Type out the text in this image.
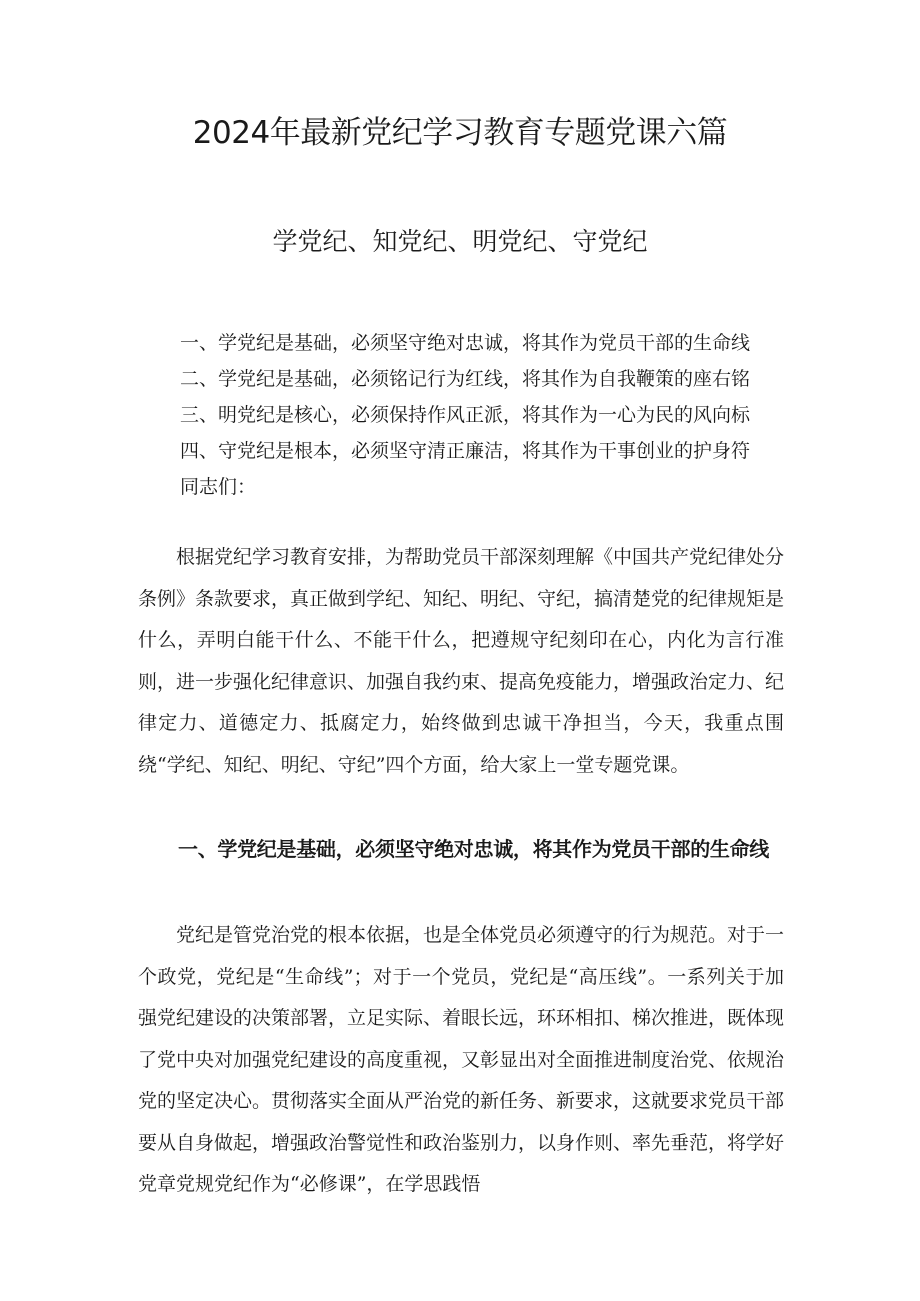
2024年最新党纪学习教育专题党课六篇
学党纪、知党纪、明党纪、守党纪
一、学党纪是基础，必须坚守绝对忠诚，将其作为党员干部的生命线
二、学党纪是基础，必须铭记行为红线，将其作为自我鞭策的座右铭
三、明党纪是核心，必须保持作风正派，将其作为一心为民的风向标
四、守党纪是根本，必须坚守清正廉洁，将其作为干事创业的护身符
同志们：

根据党纪学习教育安排，为帮助党员干部深刻理解《中国共产党纪律处分条例》条款要求，真正做到学纪、知纪、明纪、守纪，搞清楚党的纪律规矩是什么，弄明白能干什么、不能干什么，把遵规守纪刻印在心，内化为言行准则，进一步强化纪律意识、加强自我约束、提高免疫能力，增强政治定力、纪律定力、道德定力、抵腐定力，始终做到忠诚干净担当，今天，我重点围绕“学纪、知纪、明纪、守纪”四个方面，给大家上一堂专题党课。

一、学党纪是基础，必须坚守绝对忠诚，将其作为党员干部的生命线

党纪是管党治党的根本依据，也是全体党员必须遵守的行为规范。对于一个政党，党纪是“生命线”；对于一个党员，党纪是“高压线”。一系列关于加强党纪建设的决策部署，立足实际、着眼长远，环环相扣、梯次推进，既体现了党中央对加强党纪建设的高度重视，又彰显出对全面推进制度治党、依规治党的坚定决心。贯彻落实全面从严治党的新任务、新要求，这就要求党员干部要从自身做起，增强政治警觉性和政治鉴别力，以身作则、率先垂范，将学好党章党规党纪作为“必修课”，在学思践悟
